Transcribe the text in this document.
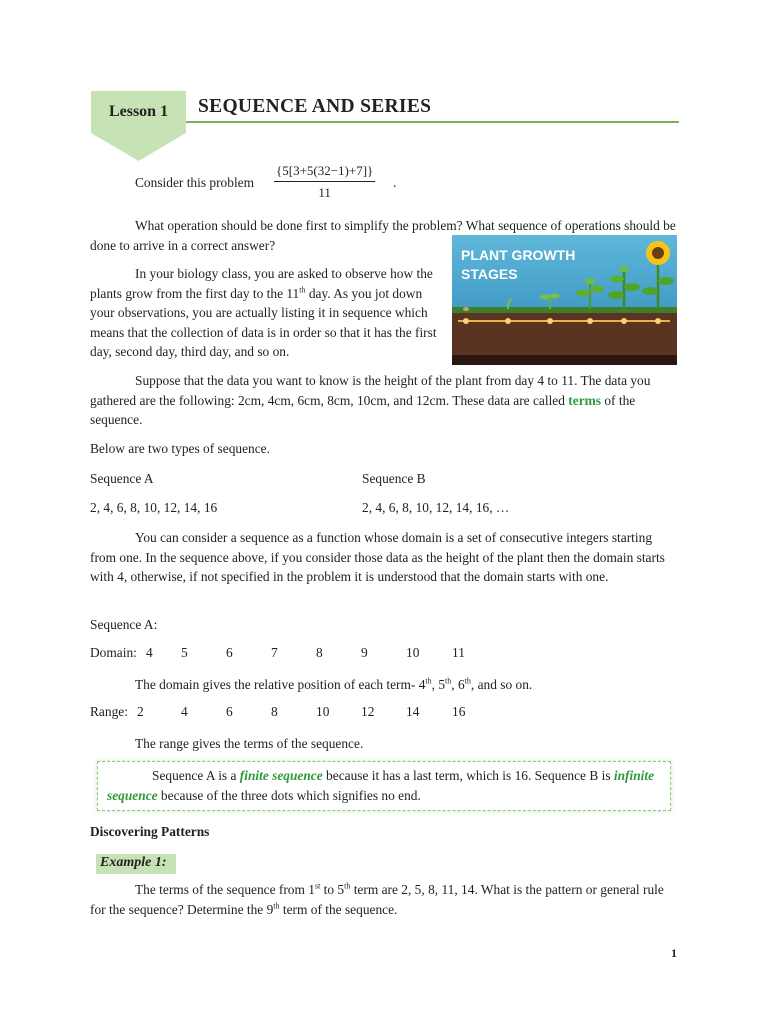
Lesson 1	SEQUENCE AND SERIES
Consider this problem $\frac{\{5[3+5(32-1)+7]\}}{11}$ .
What operation should be done first to simplify the problem? What sequence of operations should be done to arrive in a correct answer?
In your biology class, you are asked to observe how the plants grow from the first day to the 11th day. As you jot down your observations, you are actually listing it in sequence which means that the collection of data is in order so that it has the first day, second day, third day, and so on.
PLANT GROWTH
STAGES
Suppose that the data you want to know is the height of the plant from day 4 to 11. The data you gathered are the following: 2cm, 4cm, 6cm, 8cm, 10cm, and 12cm. These data are called terms of the sequence.
Below are two types of sequence.
Sequence A	Sequence B
2, 4, 6, 8, 10, 12, 14, 16	2, 4, 6, 8, 10, 12, 14, 16, …
You can consider a sequence as a function whose domain is a set of consecutive integers starting from one. In the sequence above, if you consider those data as the height of the plant then the domain starts with 4, otherwise, if not specified in the problem it is understood that the domain starts with one.
Sequence A:
Domain: 4 5	6	7	8	9	10 11
The domain gives the relative position of each term- 4th, 5th, 6th, and so on.
Range: 2	4	6	8	10 12 14 16
The range gives the terms of the sequence.
Sequence A is a finite sequence because it has a last term, which is 16. Sequence B is infinite sequence because of the three dots which signifies no end.
Discovering Patterns
Example 1:
The terms of the sequence from 1st to 5th term are 2, 5, 8, 11, 14. What is the pattern or general rule for the sequence? Determine the 9th term of the sequence.
1
